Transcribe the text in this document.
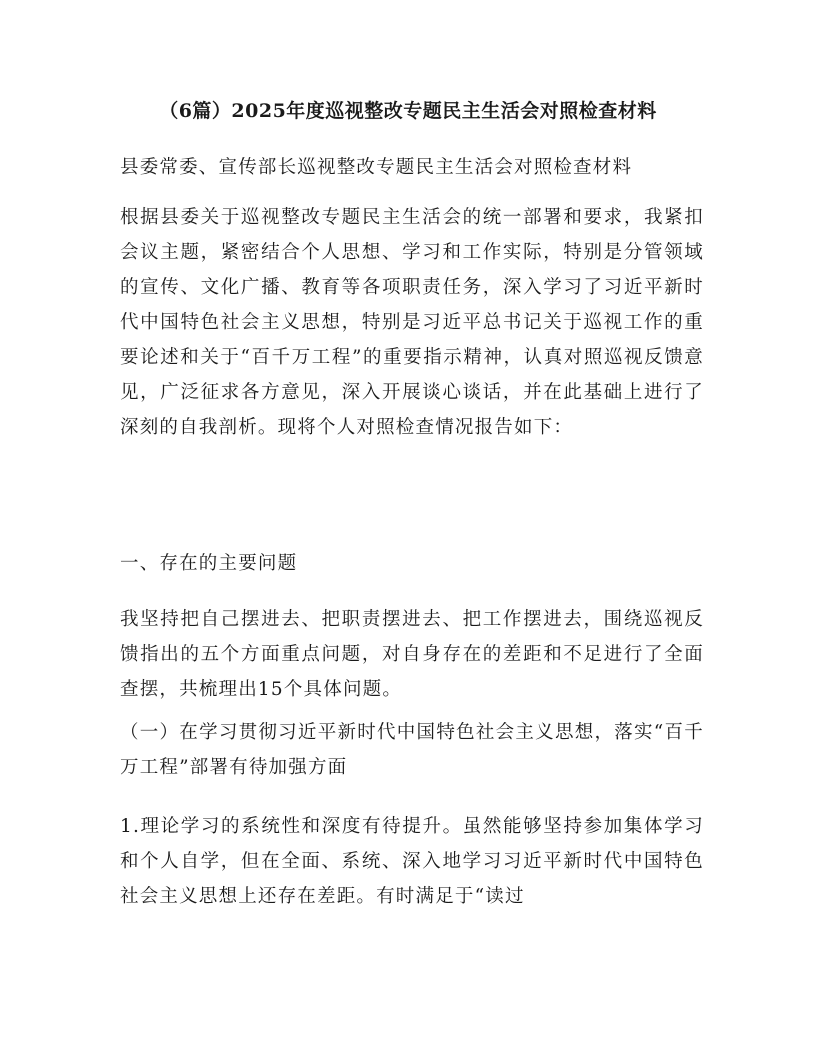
（6篇）2025年度巡视整改专题民主生活会对照检查材料

县委常委、宣传部长巡视整改专题民主生活会对照检查材料

根据县委关于巡视整改专题民主生活会的统一部署和要求，我紧扣会议主题，紧密结合个人思想、学习和工作实际，特别是分管领域的宣传、文化广播、教育等各项职责任务，深入学习了习近平新时代中国特色社会主义思想，特别是习近平总书记关于巡视工作的重要论述和关于“百千万工程”的重要指示精神，认真对照巡视反馈意见，广泛征求各方意见，深入开展谈心谈话，并在此基础上进行了深刻的自我剖析。现将个人对照检查情况报告如下：

一、存在的主要问题

我坚持把自己摆进去、把职责摆进去、把工作摆进去，围绕巡视反馈指出的五个方面重点问题，对自身存在的差距和不足进行了全面查摆，共梳理出15个具体问题。

（一）在学习贯彻习近平新时代中国特色社会主义思想，落实“百千万工程”部署有待加强方面

1.理论学习的系统性和深度有待提升。虽然能够坚持参加集体学习和个人自学，但在全面、系统、深入地学习习近平新时代中国特色社会主义思想上还存在差距。有时满足于“读过
